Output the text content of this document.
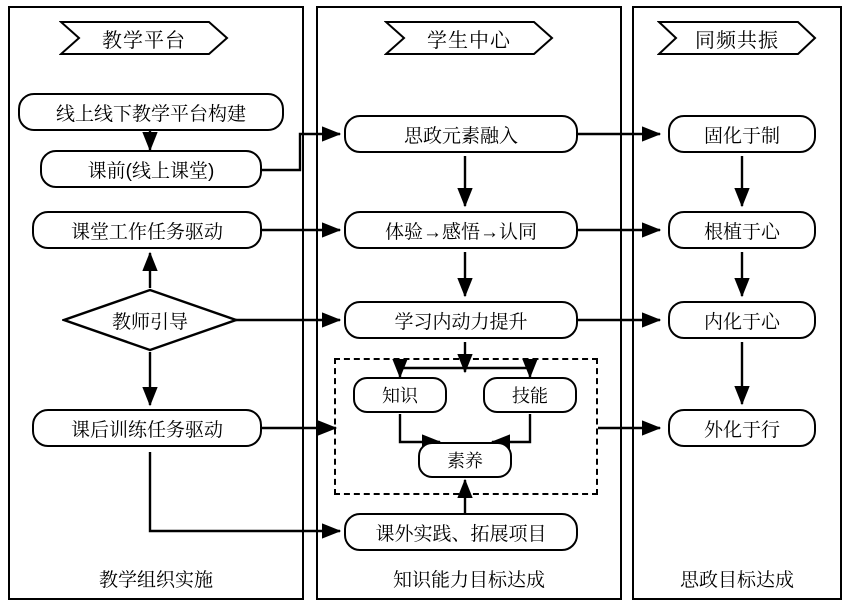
教学平台	学生中心	同频共振
线上线下教学平台构建
课前(线上课堂)
课堂工作任务驱动
教师引导
课后训练任务驱动
思政元素融入
体验→感悟→认同
学习内动力提升
知识	技能
素养
课外实践、拓展项目
固化于制
根植于心
内化于心
外化于行
教学组织实施	知识能力目标达成	思政目标达成
